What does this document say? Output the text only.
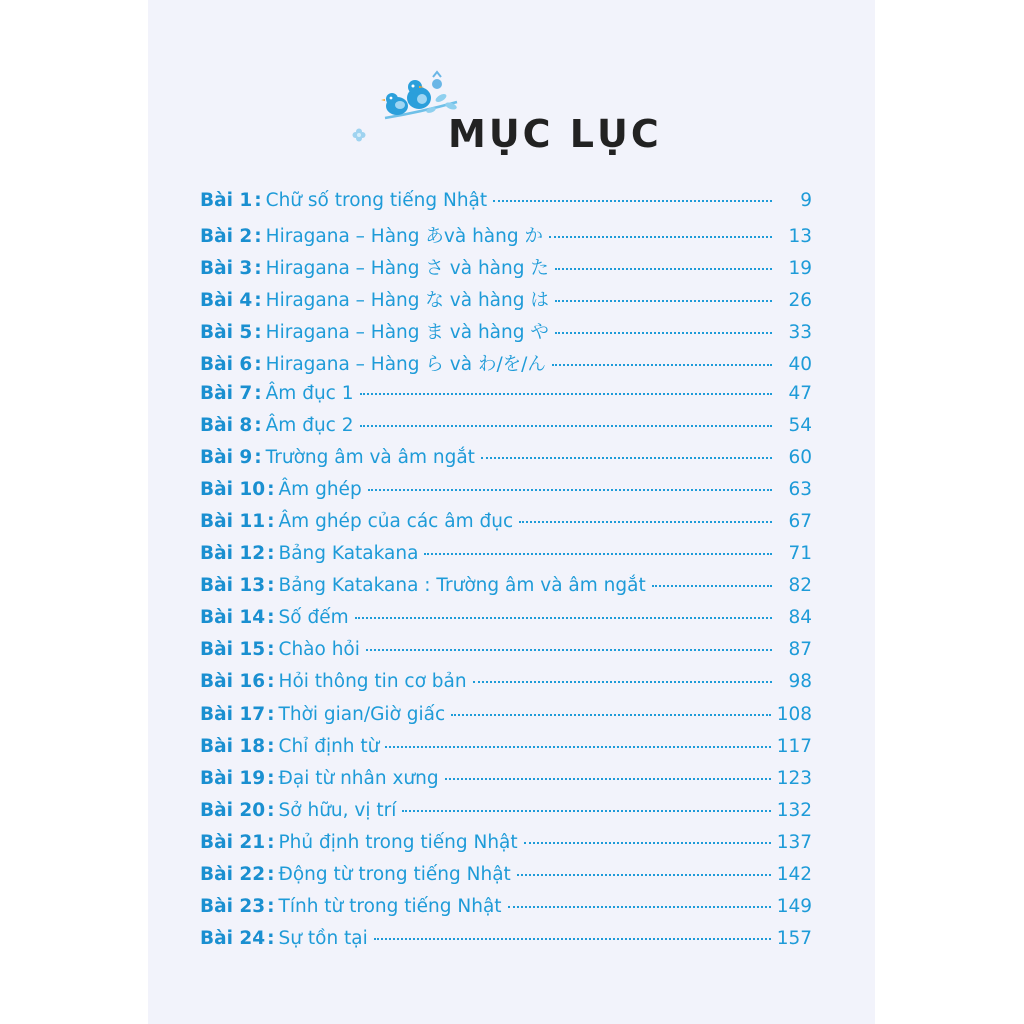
MỤC LỤC
Bài 1 : Chữ số trong tiếng Nhật	9
Bài 2 : Hiragana – Hàng あvà hàng か	13
Bài 3 : Hiragana – Hàng さ và hàng た	19
Bài 4 : Hiragana – Hàng な và hàng は	26
Bài 5 : Hiragana – Hàng ま và hàng や	33
Bài 6 : Hiragana – Hàng ら và わ/を/ん	40
Bài 7 : Âm đục 1	47
Bài 8 : Âm đục 2	54
Bài 9 : Trường âm và âm ngắt	60
Bài 10 : Âm ghép	63
Bài 11 : Âm ghép của các âm đục	67
Bài 12 : Bảng Katakana	71
Bài 13 : Bảng Katakana : Trường âm và âm ngắt	82
Bài 14 : Số đếm	84
Bài 15 : Chào hỏi	87
Bài 16 : Hỏi thông tin cơ bản	98
Bài 17 : Thời gian/Giờ giấc	108
Bài 18 : Chỉ định từ	117
Bài 19 : Đại từ nhân xưng	123
Bài 20 : Sở hữu, vị trí	132
Bài 21 : Phủ định trong tiếng Nhật	137
Bài 22 : Động từ trong tiếng Nhật	142
Bài 23 : Tính từ trong tiếng Nhật	149
Bài 24 : Sự tồn tại	157
